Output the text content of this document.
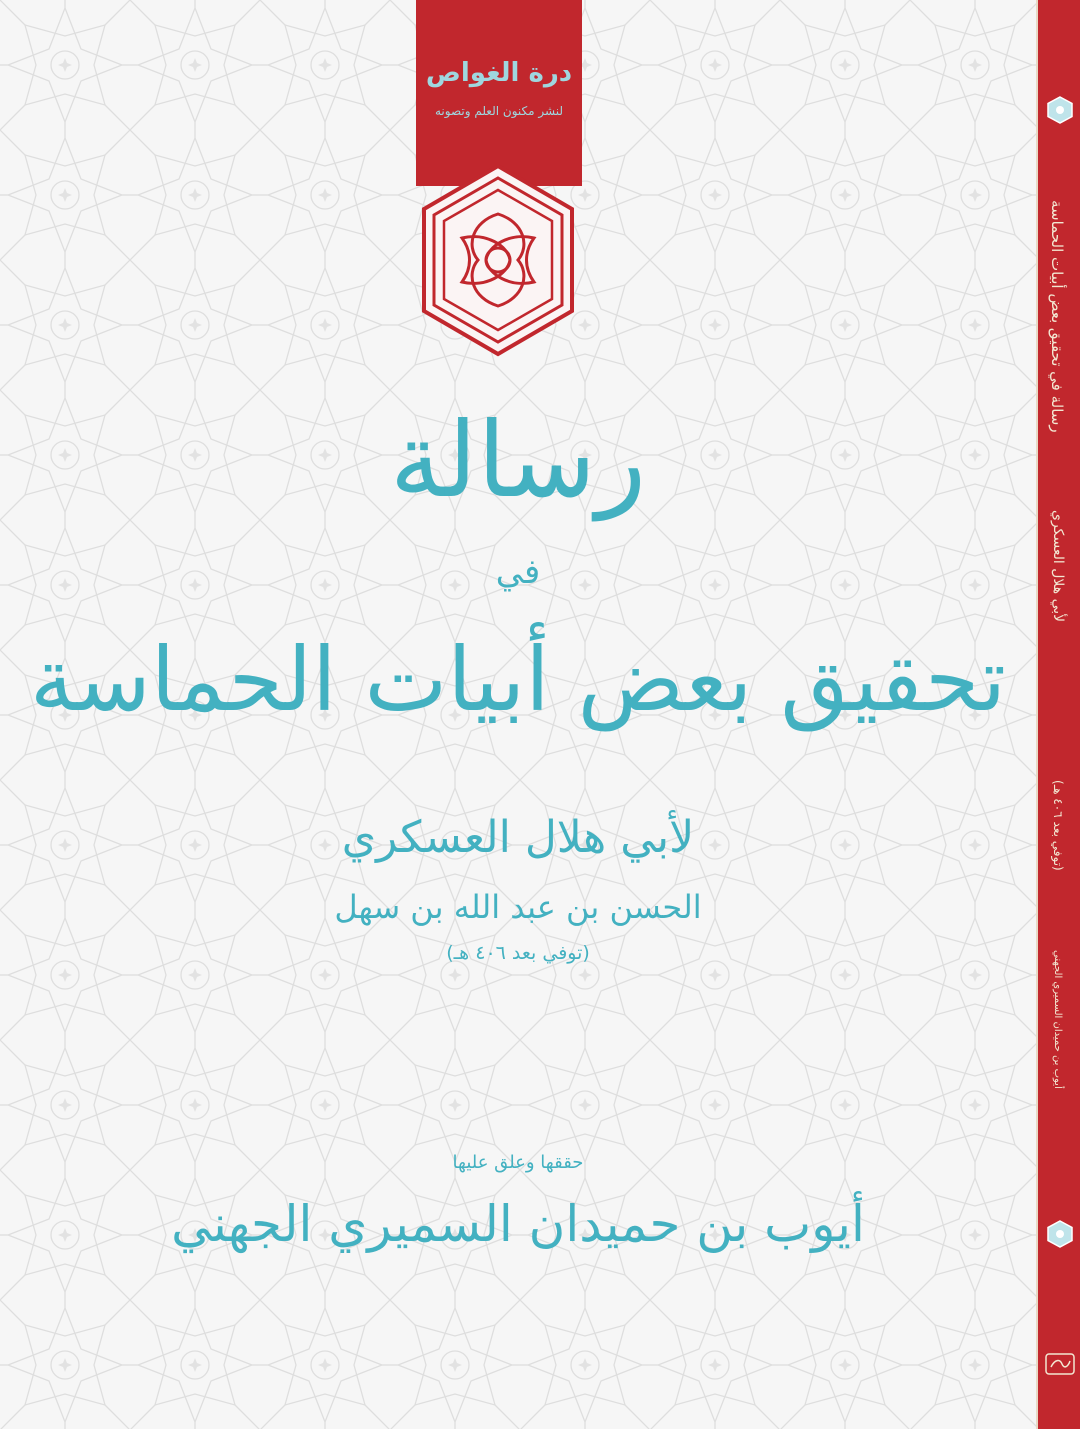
درة الغواص
لنشر مكنون العلم وتصونه
رسالة
في
تحقيق بعض أبيات الحماسة
لأبي هلال العسكري
الحسن بن عبد الله بن سهل
(توفي بعد ٤٠٦ هـ)
حققها وعلق عليها
أيوب بن حميدان السميري الجهني
رسالة في تحقيق بعض أبيات الحماسة
لأبي هلال العسكري
(توفي بعد ٤٠٦ هـ)
أيوب بن حميدان السميري الجهني
